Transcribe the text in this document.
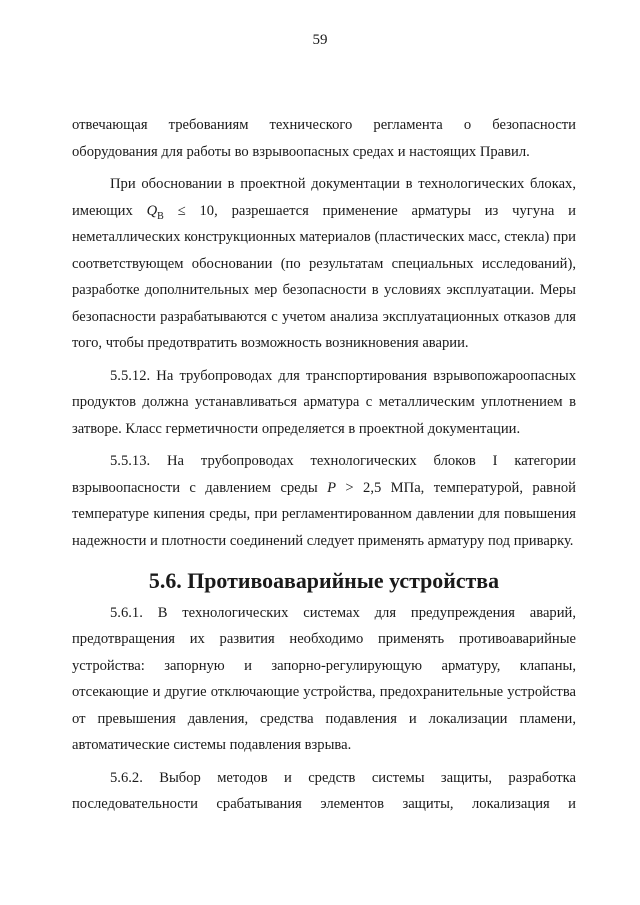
59

отвечающая требованиям технического регламента о безопасности оборудования для работы во взрывоопасных средах и настоящих Правил.

При обосновании в проектной документации в технологических блоках, имеющих $Q_В \le 10$, разрешается применение арматуры из чугуна и неметаллических конструкционных материалов (пластических масс, стекла) при соответствующем обосновании (по результатам специальных исследований), разработке дополнительных мер безопасности в условиях эксплуатации. Меры безопасности разрабатываются с учетом анализа эксплуатационных отказов для того, чтобы предотвратить возможность возникновения аварии.

5.5.12. На трубопроводах для транспортирования взрывопожароопасных продуктов должна устанавливаться арматура с металлическим уплотнением в затворе. Класс герметичности определяется в проектной документации.

5.5.13. На трубопроводах технологических блоков I категории взрывоопасности с давлением среды P > 2,5 МПа, температурой, равной температуре кипения среды, при регламентированном давлении для повышения надежности и плотности соединений следует применять арматуру под приварку.

5.6. Противоаварийные устройства

5.6.1. В технологических системах для предупреждения аварий, предотвращения их развития необходимо применять противоаварийные устройства: запорную и запорно-регулирующую арматуру, клапаны, отсекающие и другие отключающие устройства, предохранительные устройства от превышения давления, средства подавления и локализации пламени, автоматические системы подавления взрыва.

5.6.2. Выбор методов и средств системы защиты, разработка последовательности срабатывания элементов защиты, локализация и
